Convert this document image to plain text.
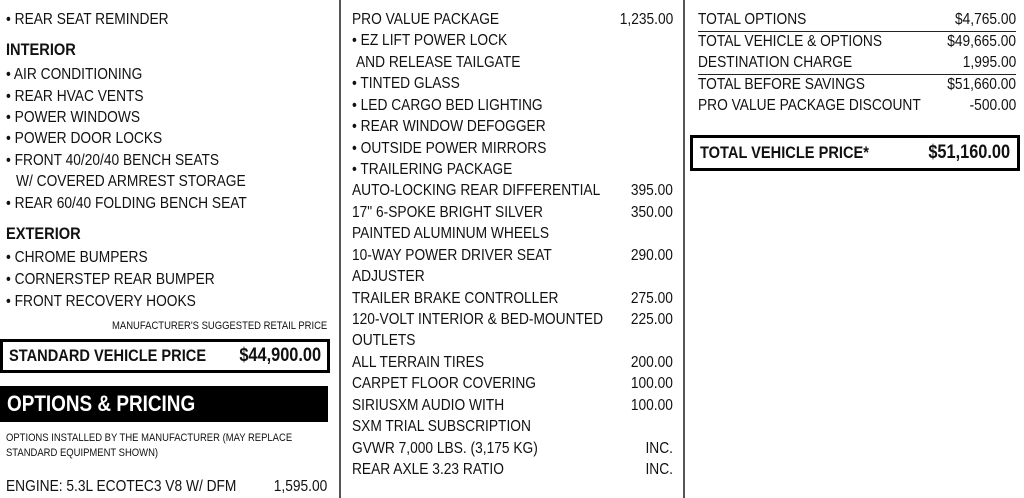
MANUFACTURER'S SUGGESTED RETAIL PRICE
STANDARD VEHICLE PRICE $44,900.00
OPTIONS & PRICING
OPTIONS INSTALLED BY THE MANUFACTURER (MAY REPLACE
STANDARD EQUIPMENT SHOWN)
ENGINE: 5.3L ECOTEC3 V8 W/ DFM 1,595.00
TOTAL VEHICLE PRICE*	$51,160.00
• REAR SEAT REMINDER
INTERIOR
• AIR CONDITIONING
• REAR HVAC VENTS
• POWER WINDOWS
• POWER DOOR LOCKS
• FRONT 40/20/40 BENCH SEATS
W/ COVERED ARMREST STORAGE
• REAR 60/40 FOLDING BENCH SEAT
EXTERIOR
• CHROME BUMPERS
• CORNERSTEP REAR BUMPER
• FRONT RECOVERY HOOKS
PRO VALUE PACKAGE	1,235.00
• EZ LIFT POWER LOCK
AND RELEASE TAILGATE
• TINTED GLASS
• LED CARGO BED LIGHTING
• REAR WINDOW DEFOGGER
• OUTSIDE POWER MIRRORS
• TRAILERING PACKAGE
AUTO-LOCKING REAR DIFFERENTIAL 395.00
17" 6-SPOKE BRIGHT SILVER	350.00
PAINTED ALUMINUM WHEELS
10-WAY POWER DRIVER SEAT	290.00
ADJUSTER
TRAILER BRAKE CONTROLLER	275.00
120-VOLT INTERIOR & BED-MOUNTED 225.00
OUTLETS
ALL TERRAIN TIRES	200.00
CARPET FLOOR COVERING	100.00
SIRIUSXM AUDIO WITH	100.00
SXM TRIAL SUBSCRIPTION
GVWR 7,000 LBS. (3,175 KG)	INC.
REAR AXLE 3.23 RATIO	INC.
TOTAL OPTIONS	$4,765.00
TOTAL VEHICLE & OPTIONS	$49,665.00
DESTINATION CHARGE	1,995.00
TOTAL BEFORE SAVINGS	$51,660.00
PRO VALUE PACKAGE DISCOUNT	-500.00
